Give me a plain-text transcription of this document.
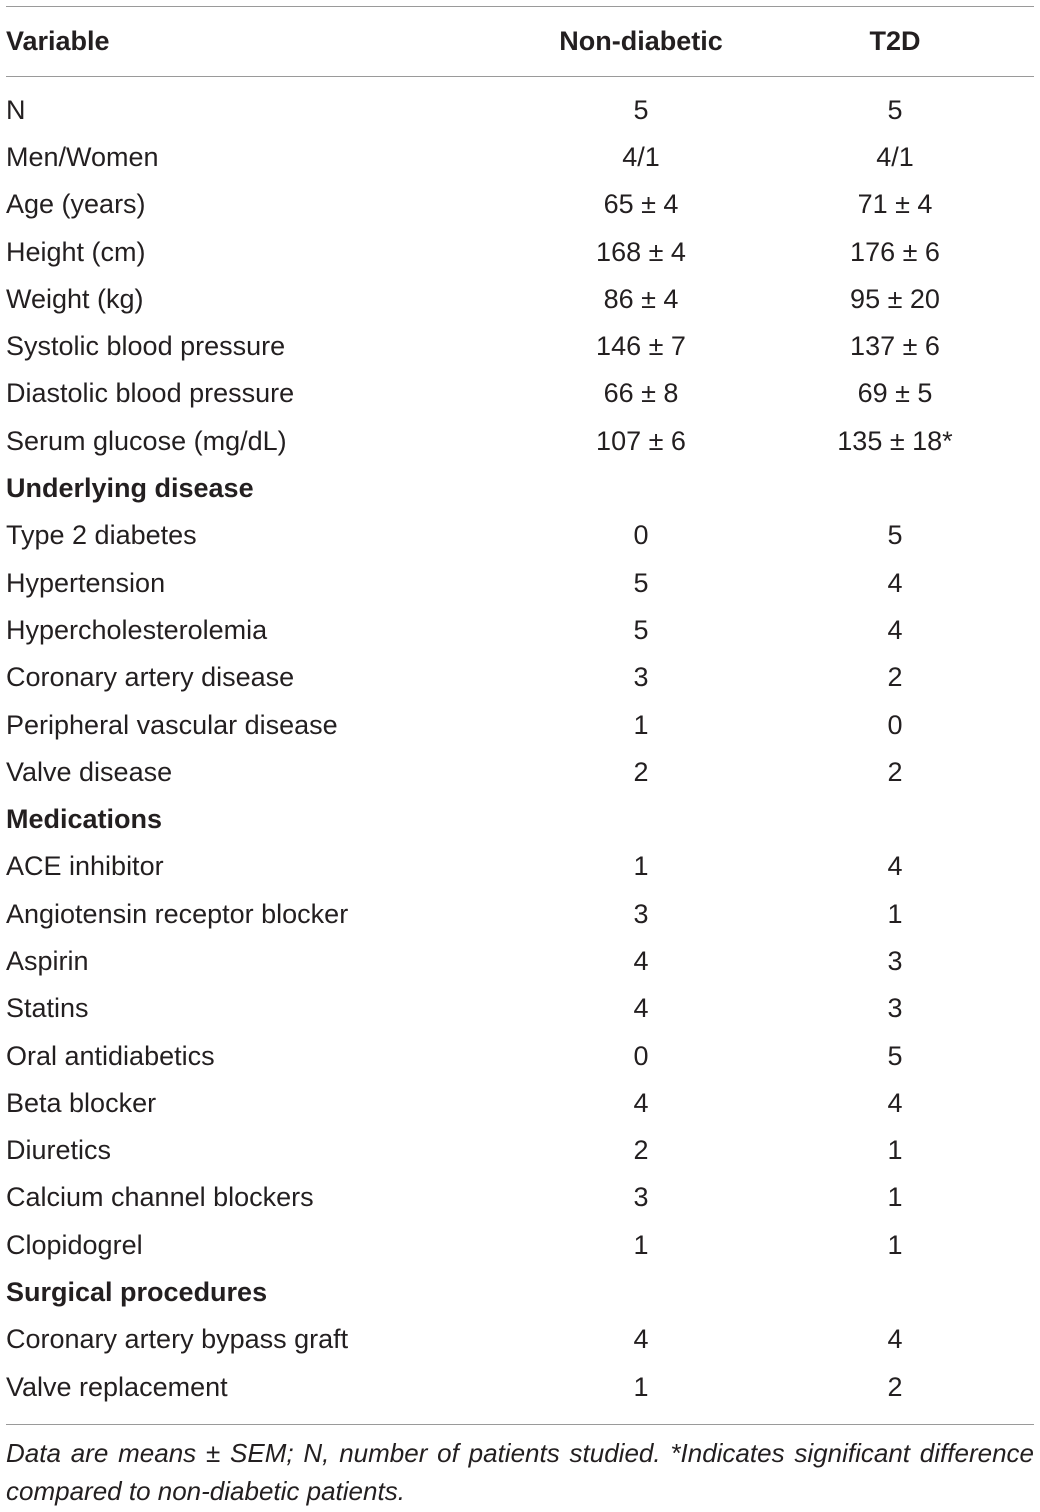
Variable	Non-diabetic	T2D

N	5	5
Men/Women	4/1	4/1
Age (years)	65 ± 4	71 ± 4
Height (cm)	168 ± 4	176 ± 6
Weight (kg)	86 ± 4	95 ± 20
Systolic blood pressure	146 ± 7	137 ± 6
Diastolic blood pressure	66 ± 8	69 ± 5
Serum glucose (mg/dL)	107 ± 6	135 ± 18*
Underlying disease		
Type 2 diabetes	0	5
Hypertension	5	4
Hypercholesterolemia	5	4
Coronary artery disease	3	2
Peripheral vascular disease	1	0
Valve disease	2	2
Medications		
ACE inhibitor	1	4
Angiotensin receptor blocker	3	1
Aspirin	4	3
Statins	4	3
Oral antidiabetics	0	5
Beta blocker	4	4
Diuretics	2	1
Calcium channel blockers	3	1
Clopidogrel	1	1
Surgical procedures		
Coronary artery bypass graft	4	4
Valve replacement	1	2
Data are means ± SEM; N, number of patients studied. *Indicates significant difference compared to non-diabetic patients.
